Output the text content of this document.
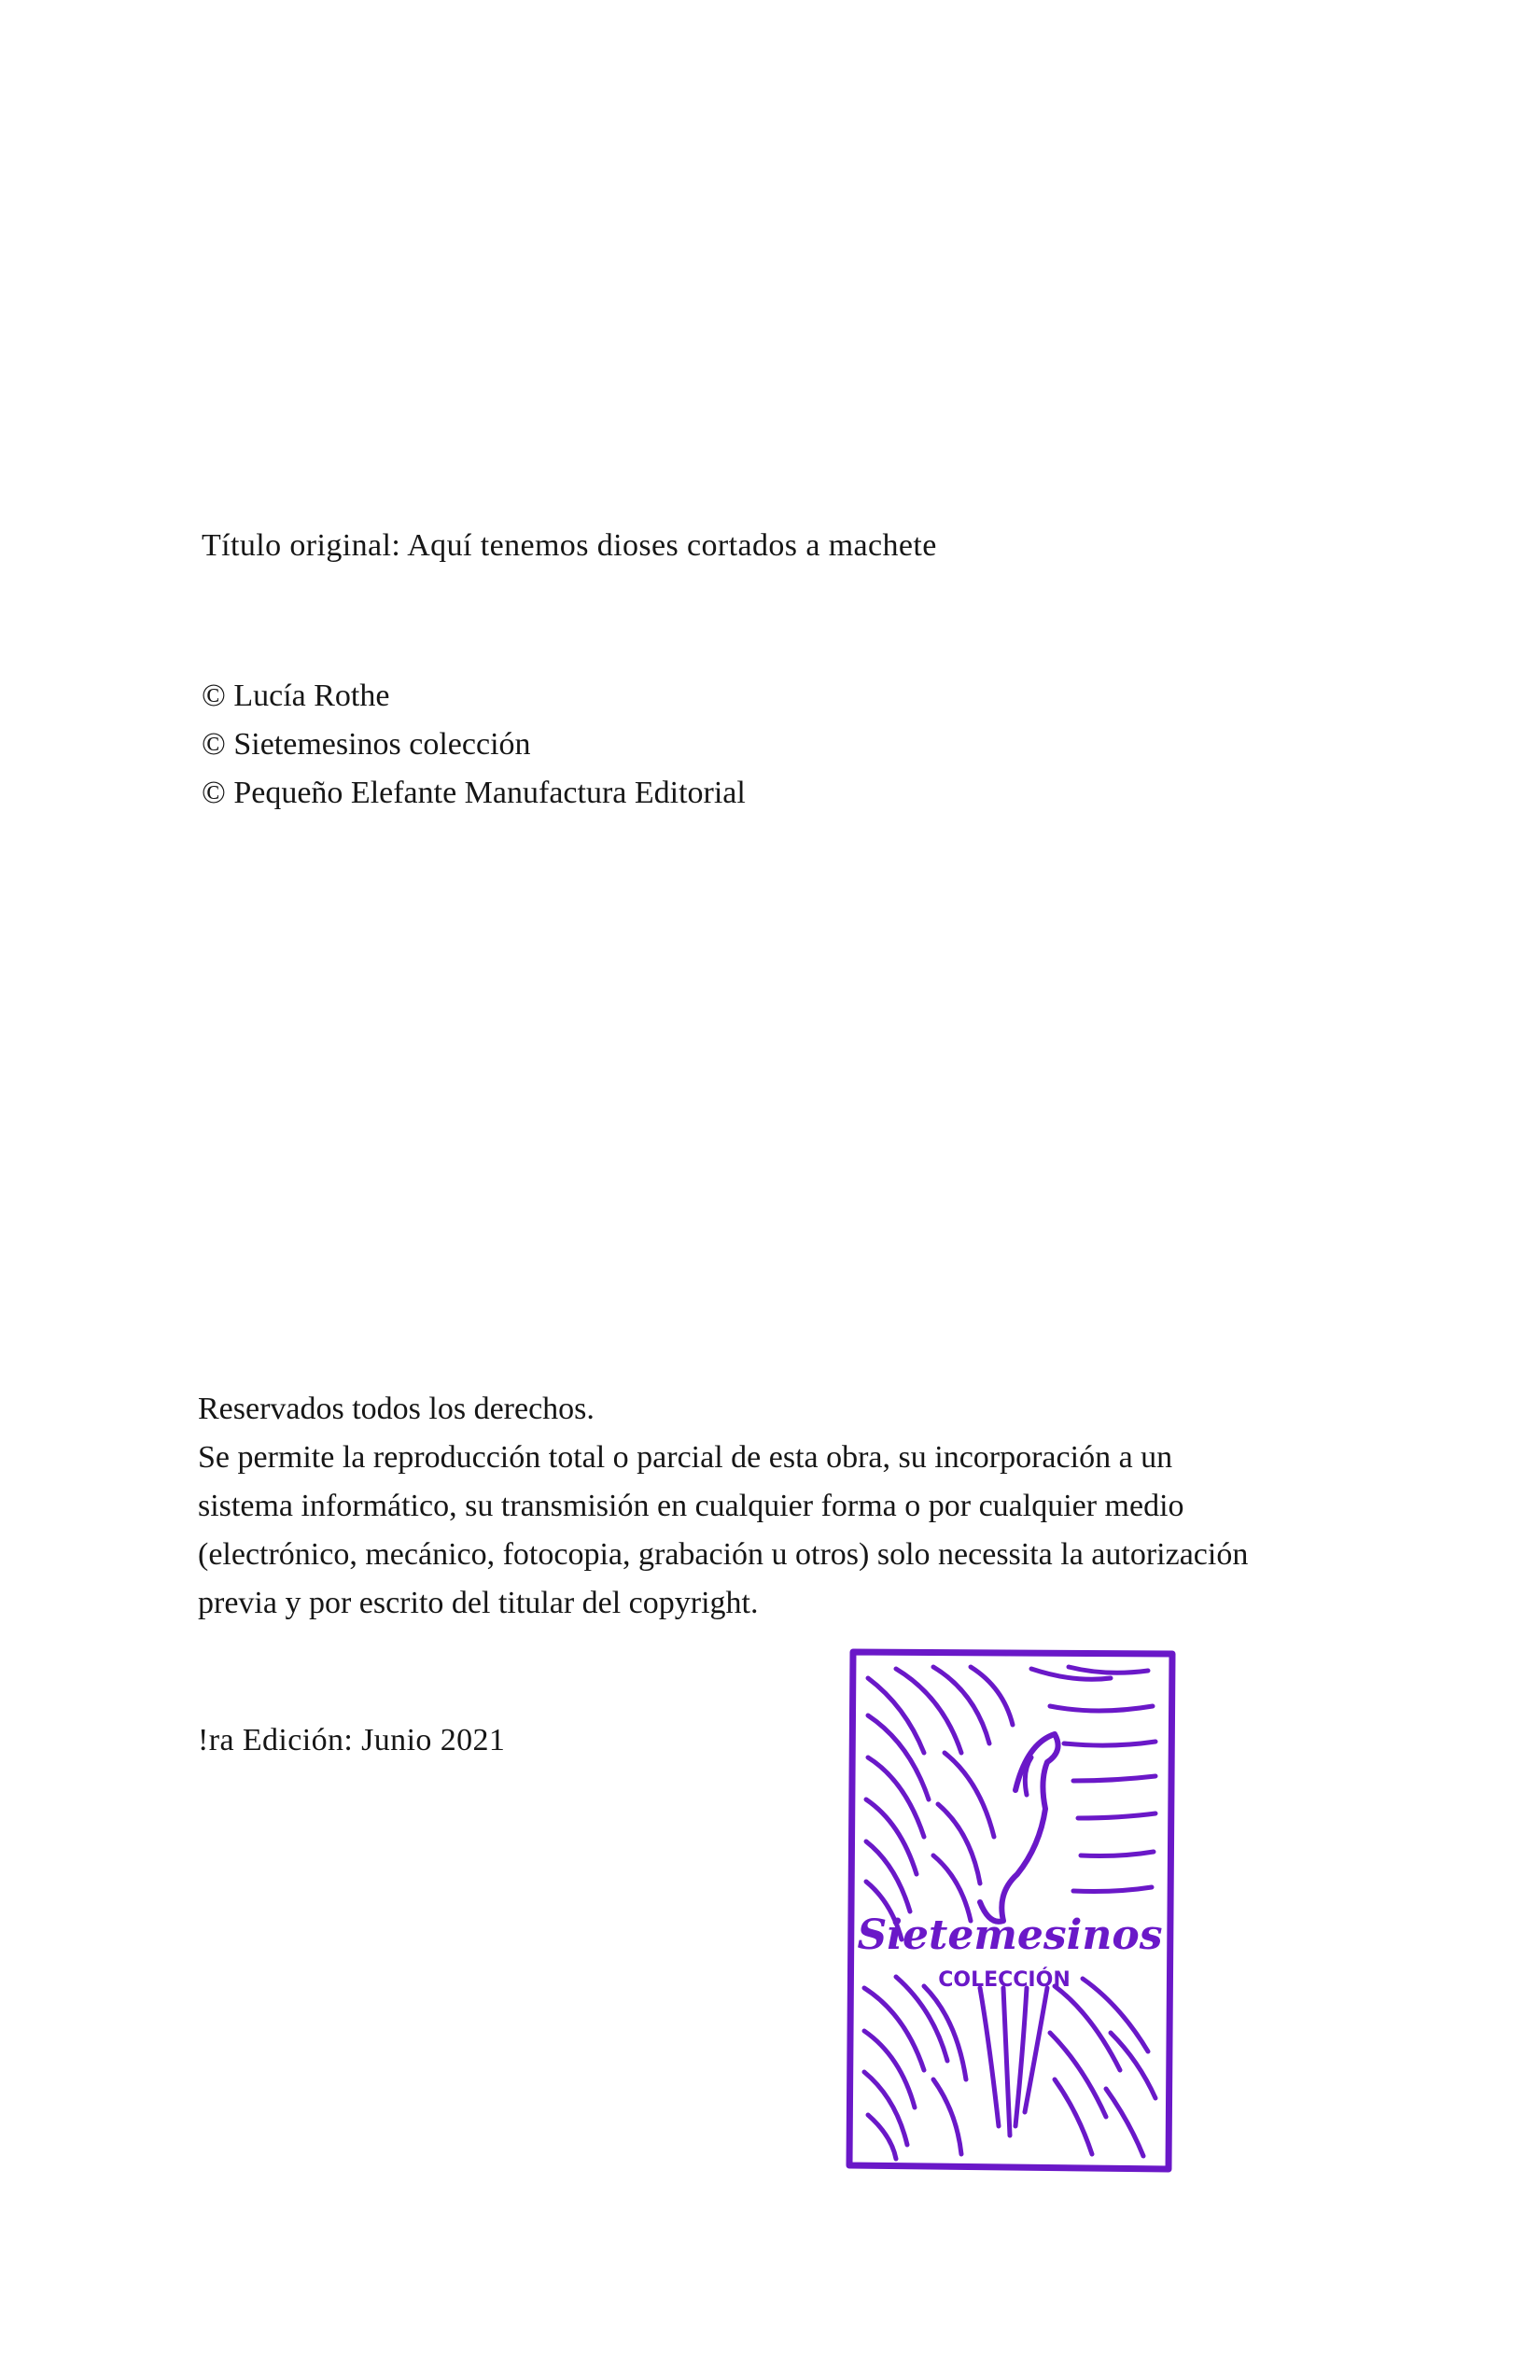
Título original: Aquí tenemos dioses cortados a machete
© Lucía Rothe
© Sietemesinos colección
© Pequeño Elefante Manufactura Editorial
Reservados todos los derechos.
Se permite la reproducción total o parcial de esta obra, su incorporación a un
sistema informático, su transmisión en cualquier forma o por cualquier medio
(electrónico, mecánico, fotocopia, grabación u otros) solo necessita la autorización
previa y por escrito del titular del copyright.
!ra Edición: Junio 2021
Sietemesinos
COLECCIÓN
